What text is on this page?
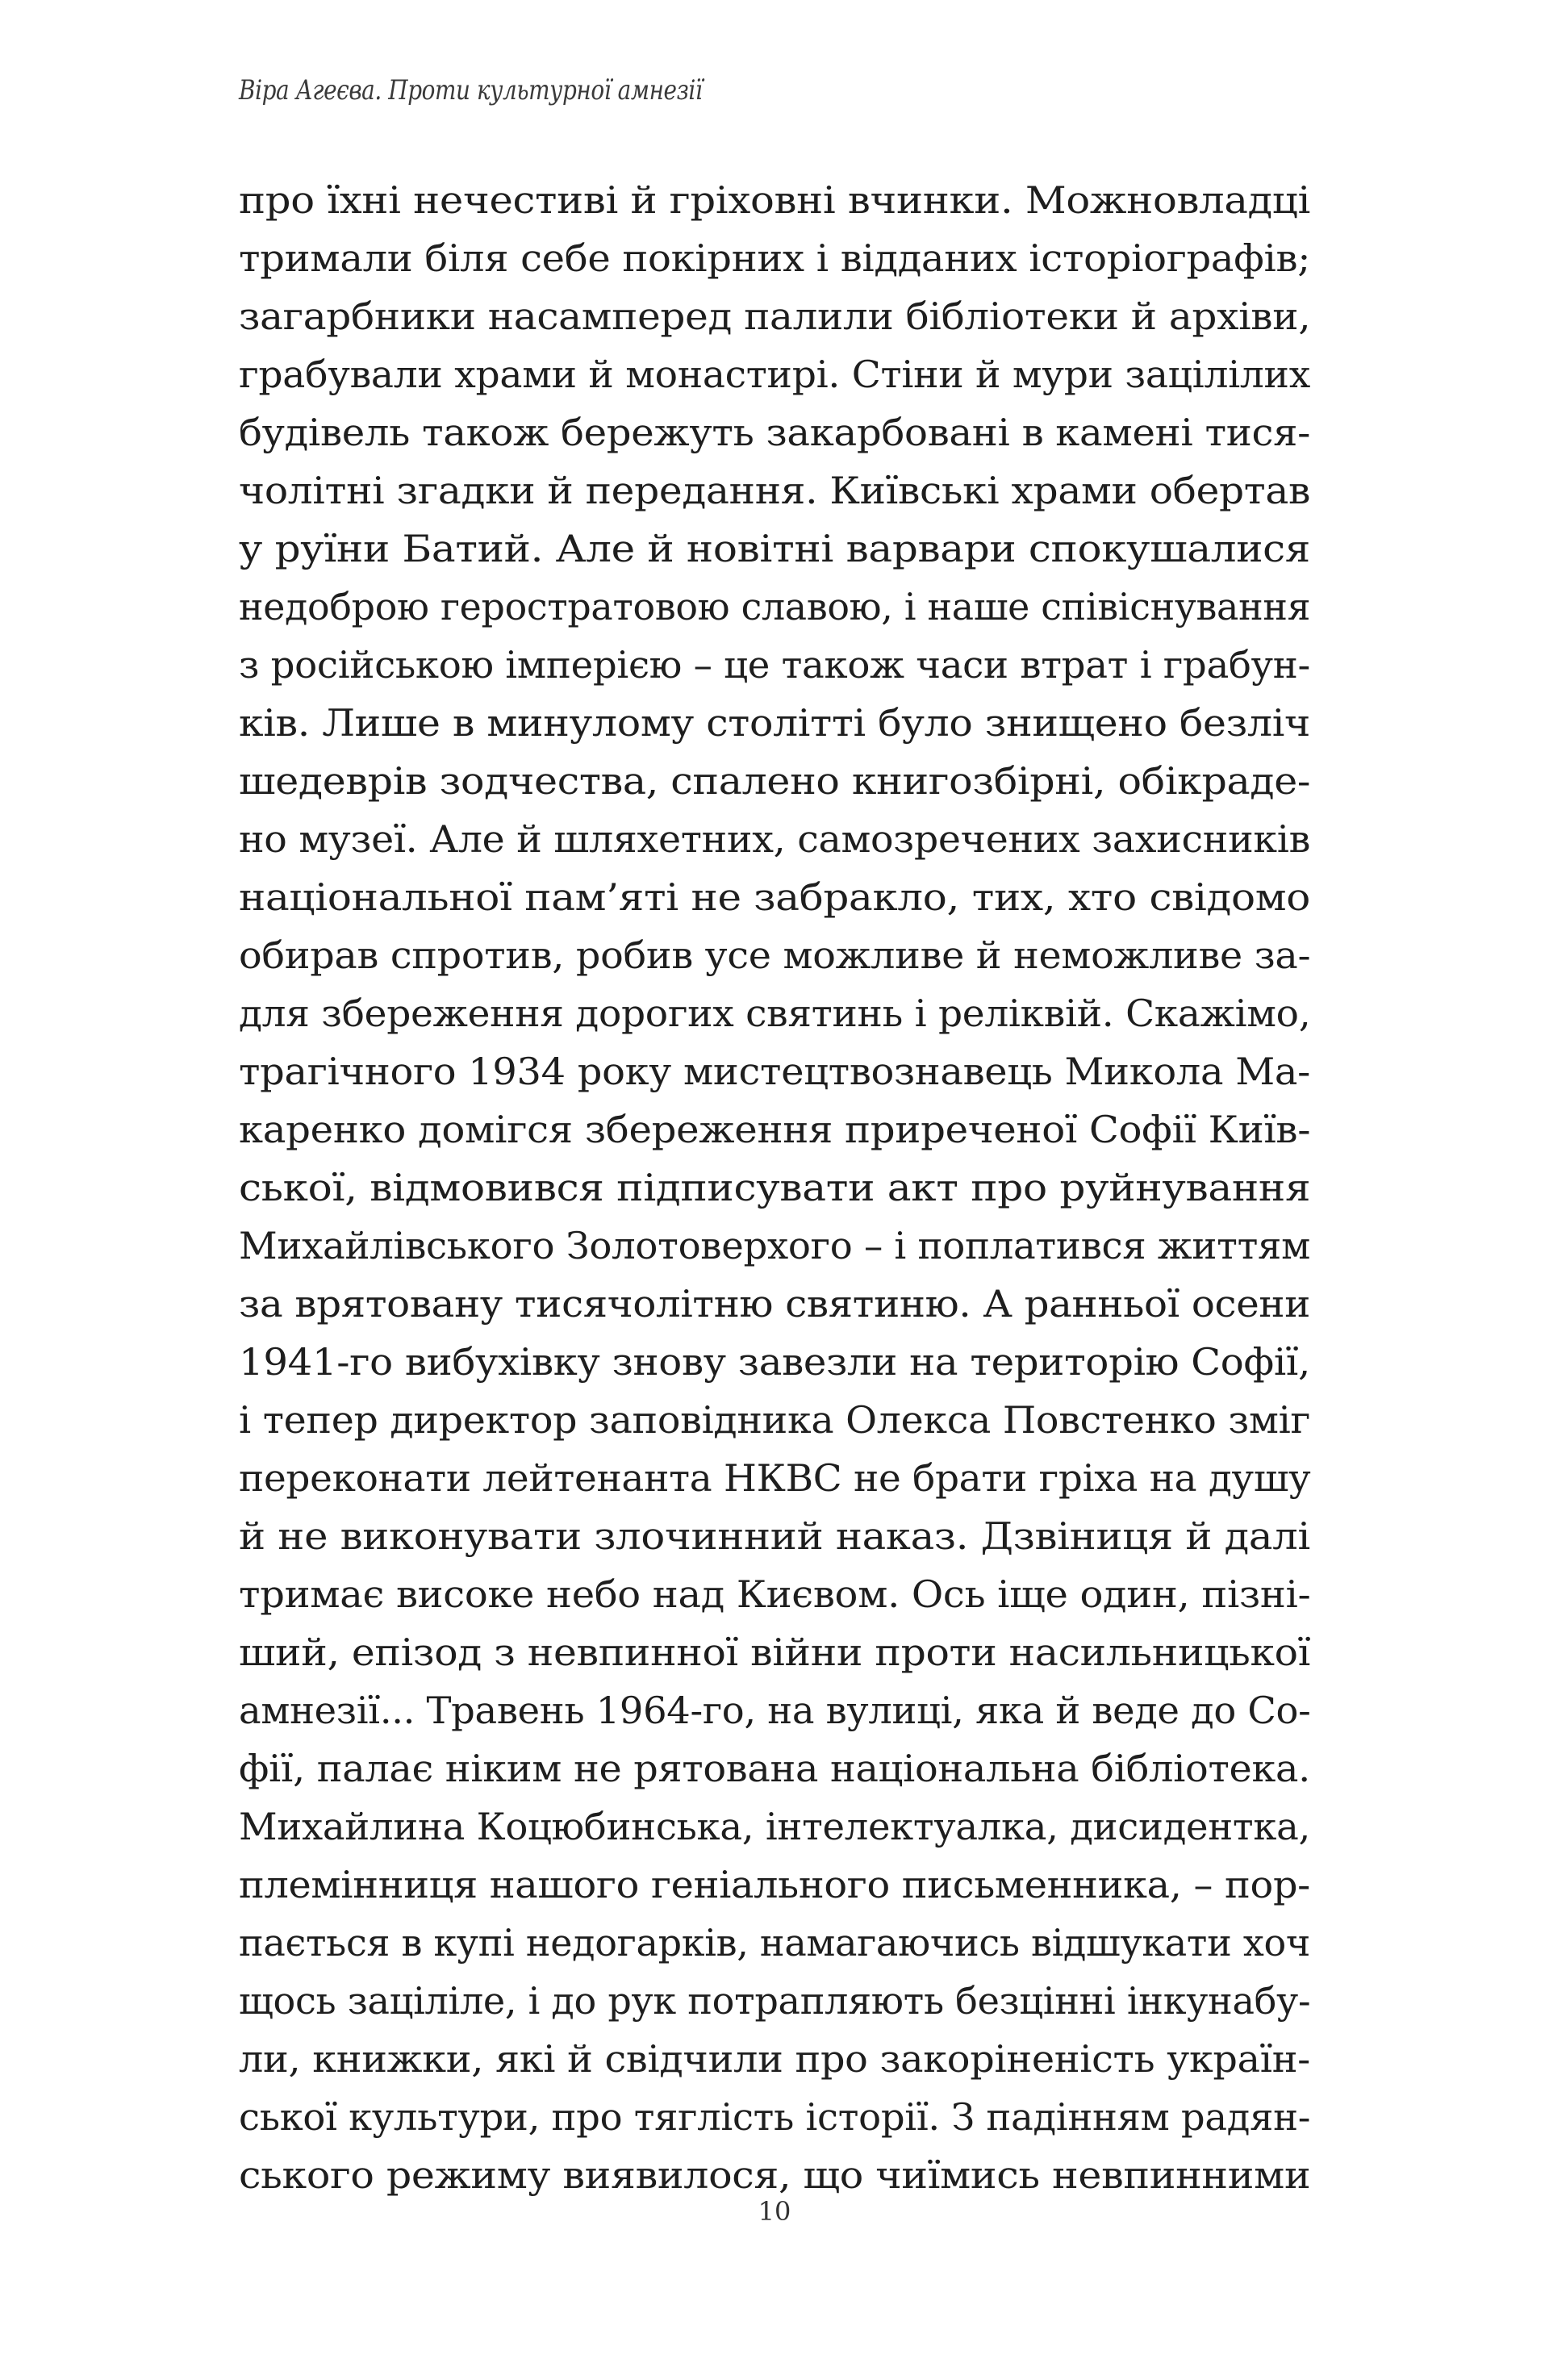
Віра Агеєва. Проти культурної амнезії
про їхні нечестиві й гріховні вчинки. Можновладці
тримали біля себе покірних і відданих історіографів;
загарбники насамперед палили бібліотеки й архіви,
грабували храми й монастирі. Стіни й мури зацілілих
будівель також бережуть закарбовані в камені тися-
чолітні згадки й передання. Київські храми обертав
у руїни Батий. Але й новітні варвари спокушалися
недоброю геростратовою славою, і наше співіснування
з російською імперією – це також часи втрат і грабун-
ків. Лише в минулому столітті було знищено безліч
шедеврів зодчества, спалено книгозбірні, обікраде-
но музеї. Але й шляхетних, самозречених захисників
національної пам’яті не забракло, тих, хто свідомо
обирав спротив, робив усе можливе й неможливе за-
для збереження дорогих святинь і реліквій. Скажімо,
трагічного 1934 року мистецтвознавець Микола Ма-
каренко домігся збереження приреченої Софії Київ-
ської, відмовився підписувати акт про руйнування
Михайлівського Золотоверхого – і поплатився життям
за врятовану тисячолітню святиню. А ранньої осени
1941-го вибухівку знову завезли на територію Софії,
і тепер директор заповідника Олекса Повстенко зміг
переконати лейтенанта НКВС не брати гріха на душу
й не виконувати злочинний наказ. Дзвіниця й далі
тримає високе небо над Києвом. Ось іще один, пізні-
ший, епізод з невпинної війни проти насильницької
амнезії... Травень 1964-го, на вулиці, яка й веде до Со-
фії, палає ніким не рятована національна бібліотека.
Михайлина Коцюбинська, інтелектуалка, дисидентка,
племінниця нашого геніального письменника, – пор-
пається в купі недогарків, намагаючись відшукати хоч
щось заціліле, і до рук потрапляють безцінні інкунабу-
ли, книжки, які й свідчили про закоріненість україн-
ської культури, про тяглість історії. З падінням радян-
ського режиму виявилося, що чиїмись невпинними
10
